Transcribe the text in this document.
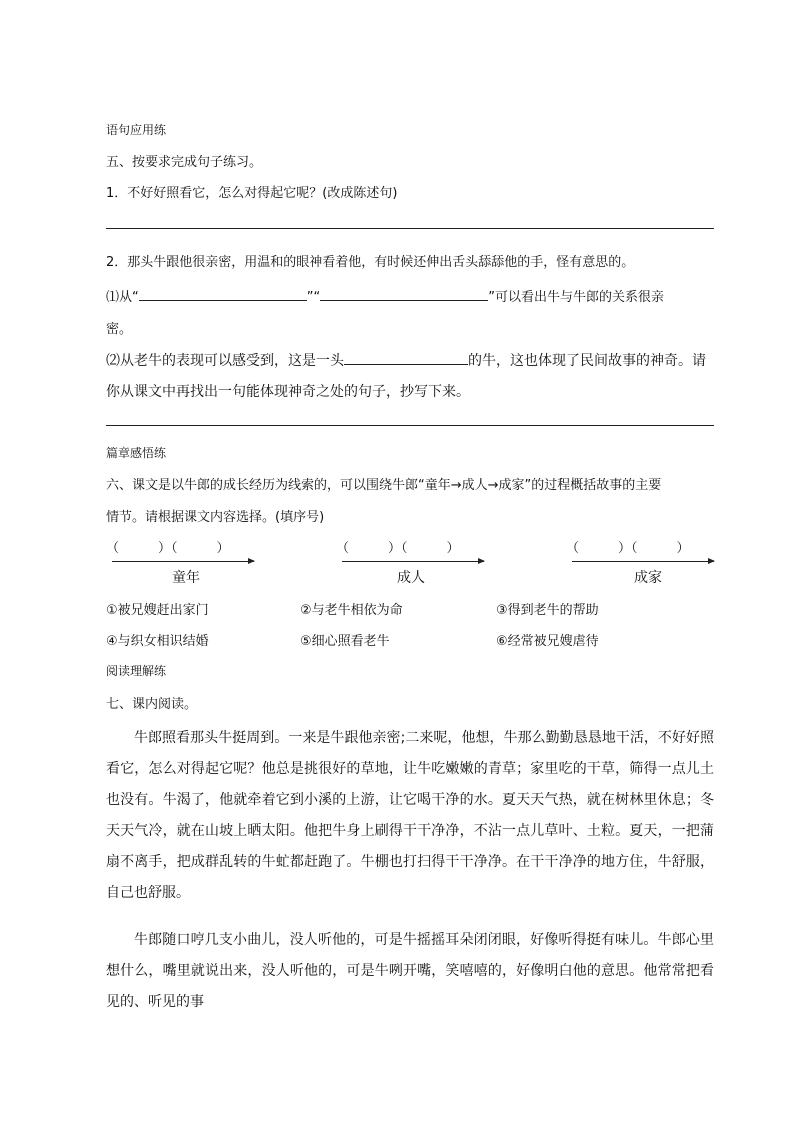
语句应用练
五、按要求完成句子练习。
1．不好好照看它，怎么对得起它呢？(改成陈述句)
2．那头牛跟他很亲密，用温和的眼神看着他，有时候还伸出舌头舔舔他的手，怪有意思的。
⑴从“	”“	”可以看出牛与牛郎的关系很亲
密。
⑵从老牛的表现可以感受到，这是一头	的牛，这也体现了民间故事的神奇。请
你从课文中再找出一句能体现神奇之处的句子，抄写下来。
篇章感悟练
六、课文是以牛郎的成长经历为线索的，可以围绕牛郎“童年→成人→成家”的过程概括故事的主要
情节。请根据课文内容选择。(填序号)
（　　　）（　　　）
童年
（　　　）（　　　）
成人
（　　　）（　　　）
成家
①被兄嫂赶出家门	②与老牛相依为命	③得到老牛的帮助
④与织女相识结婚	⑤细心照看老牛	⑥经常被兄嫂虐待
阅读理解练
七、课内阅读。

牛郎照看那头牛挺周到。一来是牛跟他亲密;二来呢，他想，牛那么勤勤恳恳地干活，不好好照看它，怎么对得起它呢？他总是挑很好的草地，让牛吃嫩嫩的青草；家里吃的干草，筛得一点儿土也没有。牛渴了，他就牵着它到小溪的上游，让它喝干净的水。夏天天气热，就在树林里休息；冬天天气冷，就在山坡上晒太阳。他把牛身上刷得干干净净，不沾一点儿草叶、土粒。夏天，一把蒲扇不离手，把成群乱转的牛虻都赶跑了。牛棚也打扫得干干净净。在干干净净的地方住，牛舒服，自己也舒服。

牛郎随口哼几支小曲儿，没人听他的，可是牛摇摇耳朵闭闭眼，好像听得挺有味儿。牛郎心里想什么，嘴里就说出来，没人听他的，可是牛咧开嘴，笑嘻嘻的，好像明白他的意思。他常常把看见的、听见的事
